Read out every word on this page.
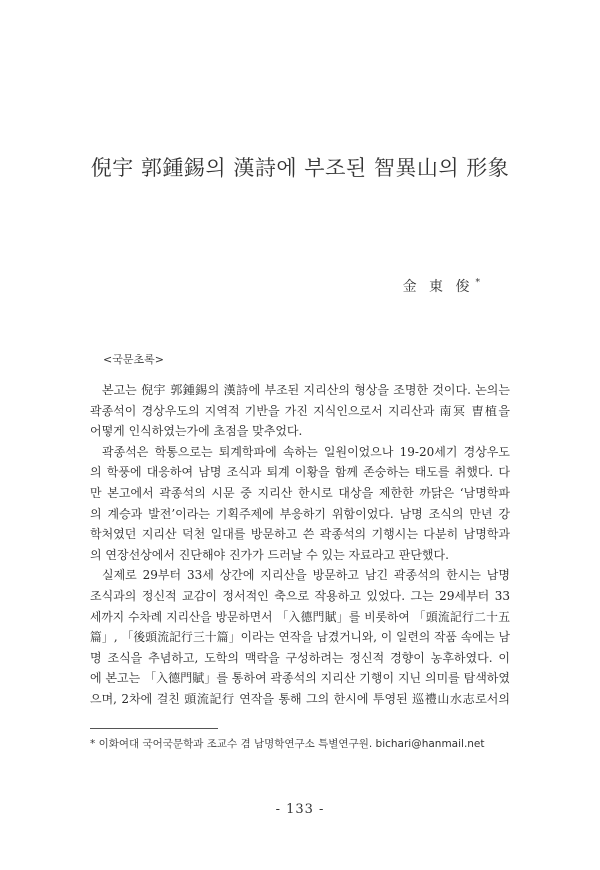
倪宇 郭鍾錫의 漢詩에 부조된 智異山의 形象
金 東 俊 *
<국문초록>
본고는 倪宇 郭鍾錫의 漢詩에 부조된 지리산의 형상을 조명한 것이다. 논의는
곽종석이 경상우도의 지역적 기반을 가진 지식인으로서 지리산과 南冥 曺植을
어떻게 인식하였는가에 초점을 맞추었다.
곽종석은 학통으로는 퇴계학파에 속하는 일원이었으나 19-20세기 경상우도
의 학풍에 대응하여 남명 조식과 퇴계 이황을 함께 존숭하는 태도를 취했다. 다
만 본고에서 곽종석의 시문 중 지리산 한시로 대상을 제한한 까닭은 ‘남명학파
의 계승과 발전’이라는 기획주제에 부응하기 위함이었다. 남명 조식의 만년 강
학처였던 지리산 덕천 일대를 방문하고 쓴 곽종석의 기행시는 다분히 남명학과
의 연장선상에서 진단해야 진가가 드러날 수 있는 자료라고 판단했다.
실제로 29부터 33세 상간에 지리산을 방문하고 남긴 곽종석의 한시는 남명
조식과의 정신적 교감이 정서적인 축으로 작용하고 있었다. 그는 29세부터 33
세까지 수차례 지리산을 방문하면서 「入德門賦」를 비롯하여 「頭流記行二十五
篇」, 「後頭流記行三十篇」이라는 연작을 남겼거니와, 이 일련의 작품 속에는 남
명 조식을 추념하고, 도학의 맥락을 구성하려는 정신적 경향이 농후하였다. 이
에 본고는 「入德門賦」를 통하여 곽종석의 지리산 기행이 지닌 의미를 탐색하였
으며, 2차에 걸친 頭流記行 연작을 통해 그의 한시에 투영된 巡禮山水志로서의
* 이화여대 국어국문학과 조교수 겸 남명학연구소 특별연구원. bichari@hanmail.net
- 133 -
